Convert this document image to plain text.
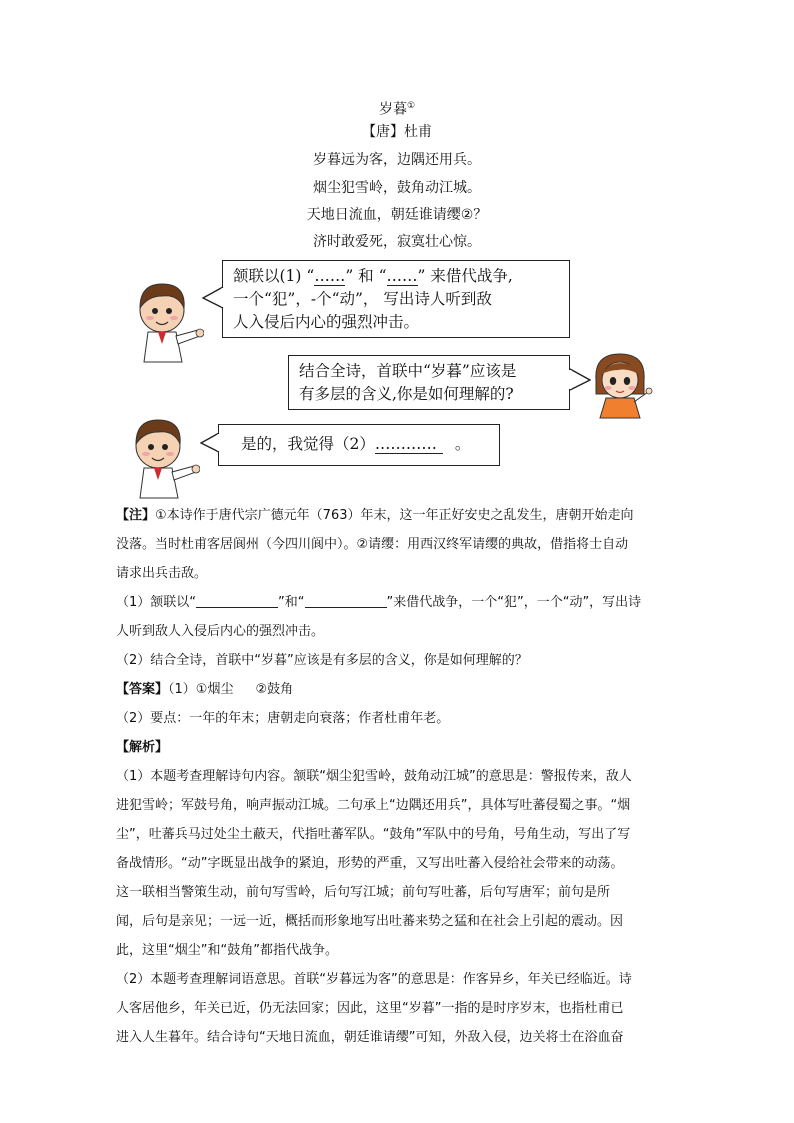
岁暮①
【唐】杜甫
岁暮远为客，边隅还用兵。
烟尘犯雪岭，鼓角动江城。
天地日流血，朝廷谁请缨②？
济时敢爱死，寂寞壮心惊。
颔联以(1) “……” 和 “……” 来借代战争,
一个“犯”，-个“动”， 写出诗人听到敌
人入侵后内心的强烈冲击。
结合全诗，首联中“岁暮”应该是
有多层的含义,你是如何理解的?
是的，我觉得（2）………… 。

【注】①本诗作于唐代宗广德元年（763）年末，这一年正好安史之乱发生，唐朝开始走向

没落。当时杜甫客居阆州（今四川阆中）。②请缨：用西汉终军请缨的典故，借指将士自动

请求出兵击敌。

（1）颔联以“	”和“	”来借代战争，一个“犯”，一个“动”，写出诗

人听到敌人入侵后内心的强烈冲击。

（2）结合全诗，首联中“岁暮”应该是有多层的含义，你是如何理解的？

【答案】（1）①烟尘 ②鼓角

（2）要点：一年的年末；唐朝走向衰落；作者杜甫年老。

【解析】

（1）本题考查理解诗句内容。颔联“烟尘犯雪岭，鼓角动江城”的意思是：警报传来，敌人

进犯雪岭；军鼓号角，响声振动江城。二句承上“边隅还用兵”，具体写吐蕃侵蜀之事。“烟

尘”，吐蕃兵马过处尘土蔽天，代指吐蕃军队。“鼓角”军队中的号角，号角生动，写出了写

备战情形。“动”字既显出战争的紧迫，形势的严重，又写出吐蕃入侵给社会带来的动荡。

这一联相当警策生动，前句写雪岭，后句写江城；前句写吐蕃，后句写唐军；前句是所

闻，后句是亲见；一远一近，概括而形象地写出吐蕃来势之猛和在社会上引起的震动。因

此，这里“烟尘”和“鼓角”都指代战争。

（2）本题考查理解词语意思。首联“岁暮远为客”的意思是：作客异乡，年关已经临近。诗

人客居他乡，年关已近，仍无法回家；因此，这里“岁暮”一指的是时序岁末，也指杜甫已

进入人生暮年。结合诗句“天地日流血，朝廷谁请缨”可知，外敌入侵，边关将士在浴血奋
